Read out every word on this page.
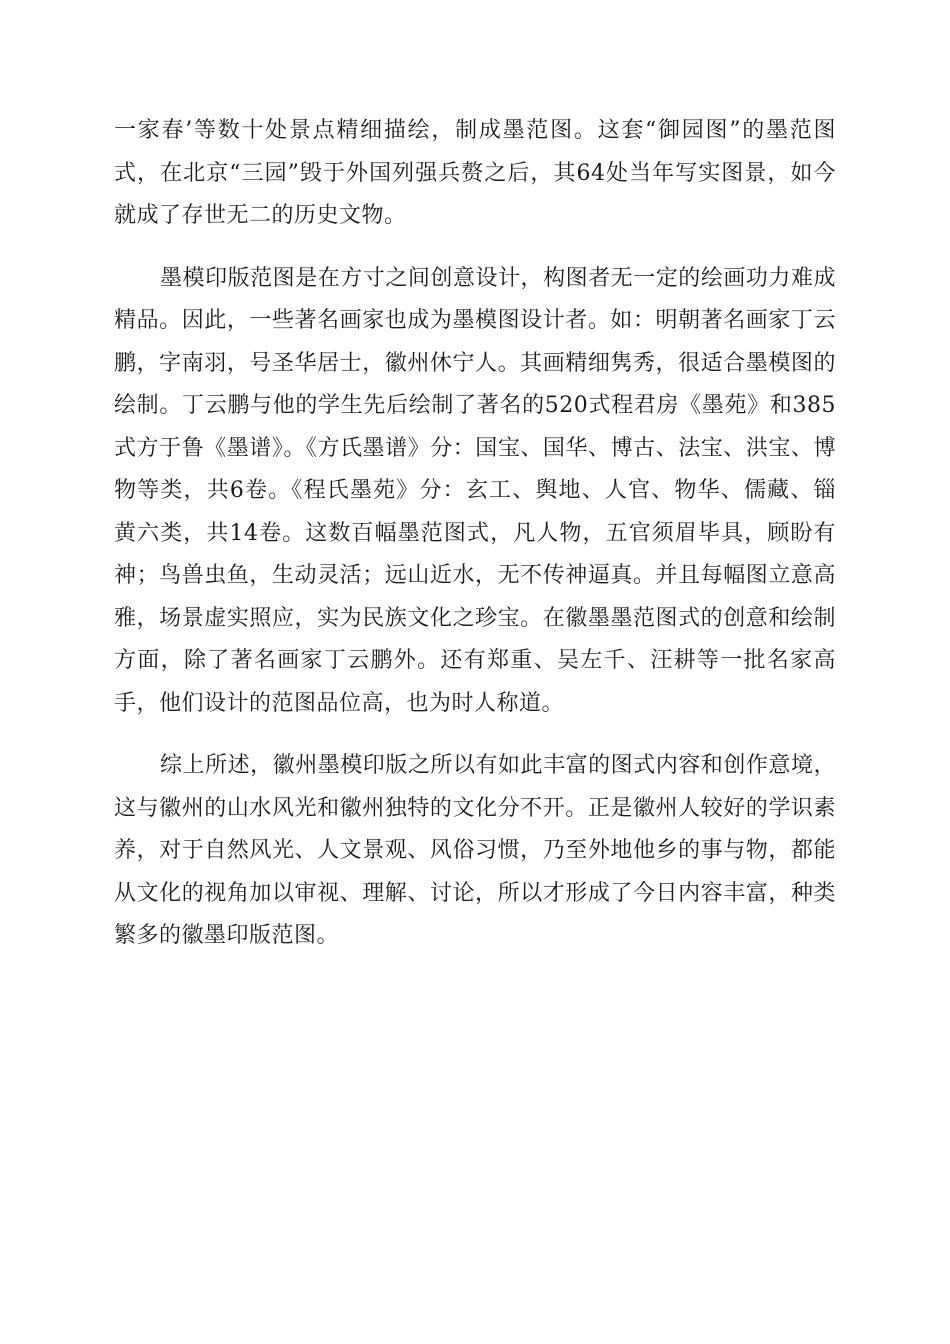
一家春’等数十处景点精细描绘，制成墨范图。这套“御园图”的墨范图式，在北京“三园”毁于外国列强兵赘之后，其64处当年写实图景，如今就成了存世无二的历史文物。

墨模印版范图是在方寸之间创意设计，构图者无一定的绘画功力难成精品。因此，一些著名画家也成为墨模图设计者。如：明朝著名画家丁云鹏，字南羽，号圣华居士，徽州休宁人。其画精细隽秀，很适合墨模图的绘制。丁云鹏与他的学生先后绘制了著名的520式程君房《墨苑》和385式方于鲁《墨谱》。《方氏墨谱》分：国宝、国华、博古、法宝、洪宝、博物等类，共6卷。《程氏墨苑》分：玄工、舆地、人官、物华、儒藏、锱黄六类，共14卷。这数百幅墨范图式，凡人物，五官须眉毕具，顾盼有神；鸟兽虫鱼，生动灵活；远山近水，无不传神逼真。并且每幅图立意高雅，场景虚实照应，实为民族文化之珍宝。在徽墨墨范图式的创意和绘制方面，除了著名画家丁云鹏外。还有郑重、吴左千、汪耕等一批名家高手，他们设计的范图品位高，也为时人称道。

综上所述，徽州墨模印版之所以有如此丰富的图式内容和创作意境，这与徽州的山水风光和徽州独特的文化分不开。正是徽州人较好的学识素养，对于自然风光、人文景观、风俗习惯，乃至外地他乡的事与物，都能从文化的视角加以审视、理解、讨论，所以才形成了今日内容丰富，种类繁多的徽墨印版范图。
